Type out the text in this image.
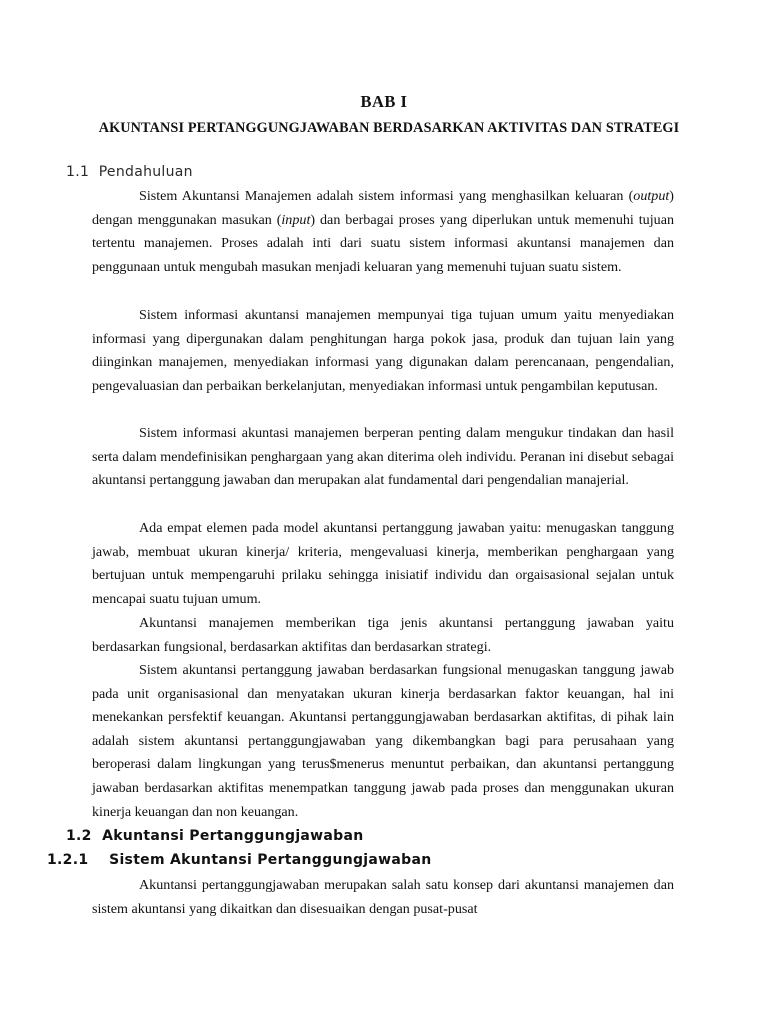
BAB I
AKUNTANSI PERTANGGUNGJAWABAN BERDASARKAN AKTIVITAS DAN STRATEGI
1.1 Pendahuluan

Sistem Akuntansi Manajemen adalah sistem informasi yang menghasilkan keluaran (output) dengan menggunakan masukan (input) dan berbagai proses yang diperlukan untuk memenuhi tujuan tertentu manajemen. Proses adalah inti dari suatu sistem informasi akuntansi manajemen dan penggunaan untuk mengubah masukan menjadi keluaran yang memenuhi tujuan suatu sistem.

Sistem informasi akuntansi manajemen mempunyai tiga tujuan umum yaitu menyediakan informasi yang dipergunakan dalam penghitungan harga pokok jasa, produk dan tujuan lain yang diinginkan manajemen, menyediakan informasi yang digunakan dalam perencanaan, pengendalian, pengevaluasian dan perbaikan berkelanjutan, menyediakan informasi untuk pengambilan keputusan.

Sistem informasi akuntasi manajemen berperan penting dalam mengukur tindakan dan hasil serta dalam mendefinisikan penghargaan yang akan diterima oleh individu. Peranan ini disebut sebagai akuntansi pertanggung jawaban dan merupakan alat fundamental dari pengendalian manajerial.

Ada empat elemen pada model akuntansi pertanggung jawaban yaitu: menugaskan tanggung jawab, membuat ukuran kinerja/ kriteria, mengevaluasi kinerja, memberikan penghargaan yang bertujuan untuk mempengaruhi prilaku sehingga inisiatif individu dan orgaisasional sejalan untuk mencapai suatu tujuan umum.

Akuntansi manajemen memberikan tiga jenis akuntansi pertanggung jawaban yaitu berdasarkan fungsional, berdasarkan aktifitas dan berdasarkan strategi.

Sistem akuntansi pertanggung jawaban berdasarkan fungsional menugaskan tanggung jawab pada unit organisasional dan menyatakan ukuran kinerja berdasarkan faktor keuangan, hal ini menekankan persfektif keuangan. Akuntansi pertanggungjawaban berdasarkan aktifitas, di pihak lain adalah sistem akuntansi pertanggungjawaban yang dikembangkan bagi para perusahaan yang beroperasi dalam lingkungan yang terus$menerus menuntut perbaikan, dan akuntansi pertanggung jawaban berdasarkan aktifitas menempatkan tanggung jawab pada proses dan menggunakan ukuran kinerja keuangan dan non keuangan.

1.2 Akuntansi Pertanggungjawaban
1.2.1 Sistem Akuntansi Pertanggungjawaban

Akuntansi pertanggungjawaban merupakan salah satu konsep dari akuntansi manajemen dan sistem akuntansi yang dikaitkan dan disesuaikan dengan pusat-pusat
